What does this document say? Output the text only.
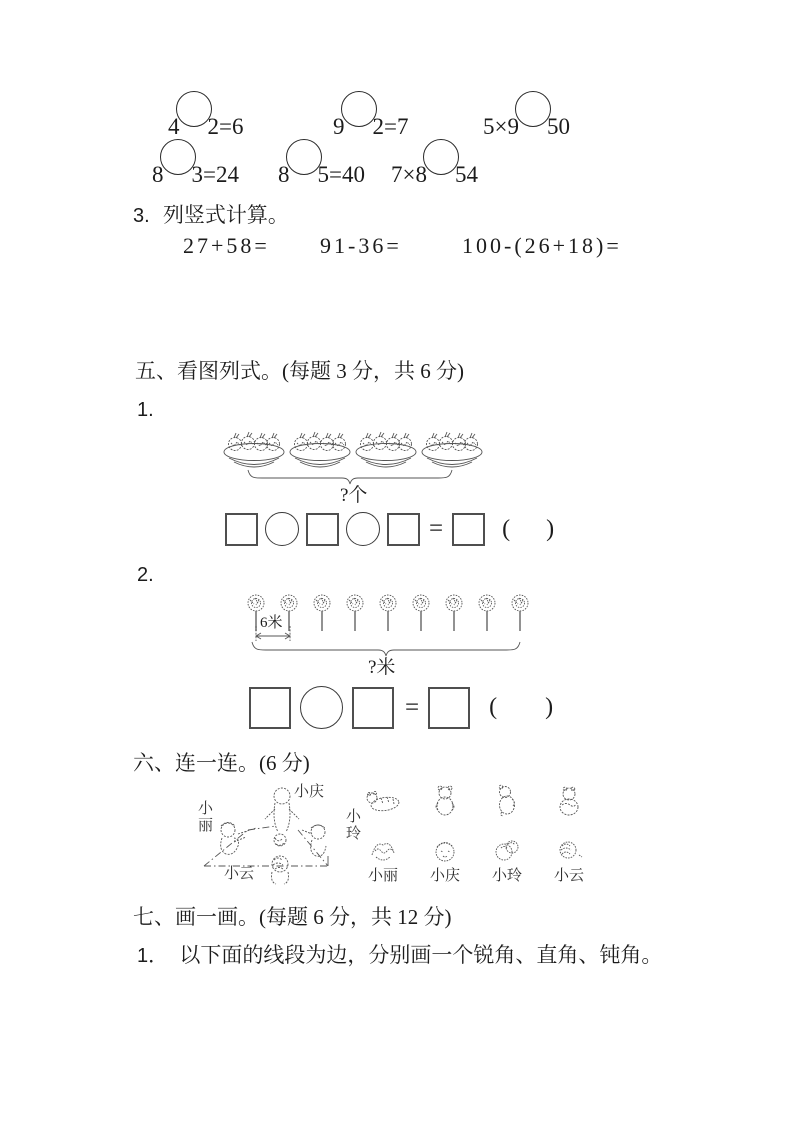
4 2=6	9 2=7	5×9 50
8 3=24 8 5=40 7×8 54
3. 列竖式计算。
27+58= 91-36=	100-(26+18)=
五、看图列式。(每题 3 分，共 6 分)
1.
?个
= (      )
2.
6米
?米
=	(        )
六、连一连。(6 分)
小丽
小庆
小玲
小云	小丽 小庆 小玲 小云
七、画一画。(每题 6 分，共 12 分)
1． 以下面的线段为边，分别画一个锐角、直角、钝角。
